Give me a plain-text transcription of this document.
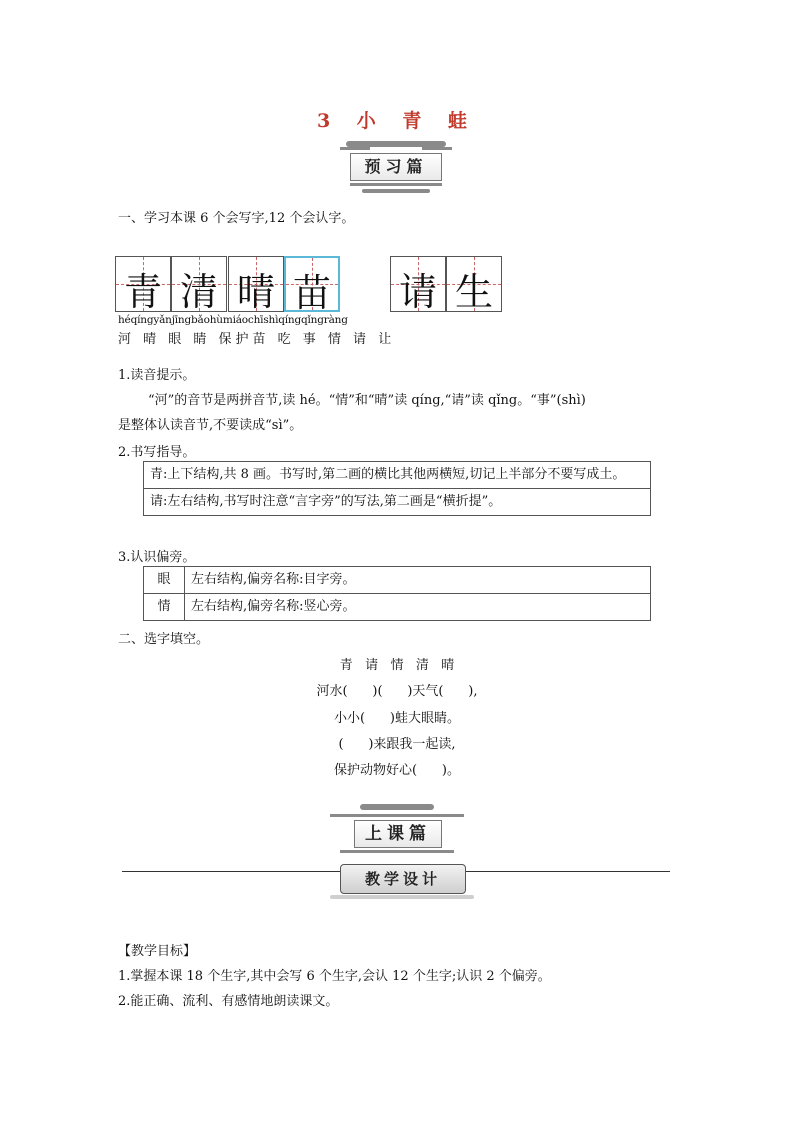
3 小 青 蛙
预习篇
一、学习本课 6 个会写字,12 个会认字。
青 清 晴 苗 请 生
héqíngyǎnjīngbǎohùmiáochīshìqíngqǐngràng
河 晴 眼 睛 保护苗 吃 事 情 请 让
1.读音提示。
“河”的音节是两拼音节,读 hé。“情”和“晴”读 qíng,“请”读 qǐng。“事”(shì)
是整体认读音节,不要读成“sì”。
2.书写指导。
青:上下结构,共 8 画。书写时,第二画的横比其他两横短,切记上半部分不要写成土。
请:左右结构,书写时注意“言字旁”的写法,第二画是“横折提”。
3.认识偏旁。
眼	左右结构,偏旁名称:目字旁。
情	左右结构,偏旁名称:竖心旁。
二、选字填空。
青   请   情   清   晴
河水(      )(      )天气(      ),
小小(      )蛙大眼睛。
(      )来跟我一起读,
保护动物好心(      )。
上课篇
教学设计
【教学目标】
1.掌握本课 18 个生字,其中会写 6 个生字,会认 12 个生字;认识 2 个偏旁。
2.能正确、流利、有感情地朗读课文。
